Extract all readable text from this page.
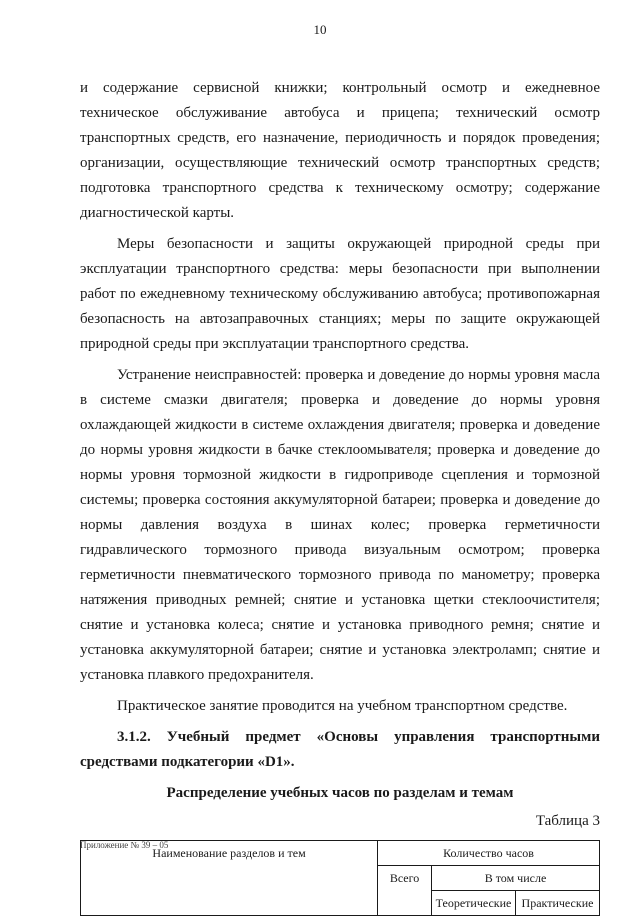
10

и содержание сервисной книжки; контрольный осмотр и ежедневное техническое обслуживание автобуса и прицепа; технический осмотр транспортных средств, его назначение, периодичность и порядок проведения; организации, осуществляющие технический осмотр транспортных средств; подготовка транспортного средства к техническому осмотру; содержание диагностической карты.

Меры безопасности и защиты окружающей природной среды при эксплуатации транспортного средства: меры безопасности при выполнении работ по ежедневному техническому обслуживанию автобуса; противопожарная безопасность на автозаправочных станциях; меры по защите окружающей природной среды при эксплуатации транспортного средства.

Устранение неисправностей: проверка и доведение до нормы уровня масла в системе смазки двигателя; проверка и доведение до нормы уровня охлаждающей жидкости в системе охлаждения двигателя; проверка и доведение до нормы уровня жидкости в бачке стеклоомывателя; проверка и доведение до нормы уровня тормозной жидкости в гидроприводе сцепления и тормозной системы; проверка состояния аккумуляторной батареи; проверка и доведение до нормы давления воздуха в шинах колес; проверка герметичности гидравлического тормозного привода визуальным осмотром; проверка герметичности пневматического тормозного привода по манометру; проверка натяжения приводных ремней; снятие и установка щетки стеклоочистителя; снятие и установка колеса; снятие и установка приводного ремня; снятие и установка аккумуляторной батареи; снятие и установка электроламп; снятие и установка плавкого предохранителя.

Практическое занятие проводится на учебном транспортном средстве.

3.1.2. Учебный предмет «Основы управления транспортными средствами подкатегории «D1».

Распределение учебных часов по разделам и темам

Таблица 3

Наименование разделов и тем	Количество часов		
	Всего	В том числе	
		Теоретические	Практические
Приложение № 39 – 05
